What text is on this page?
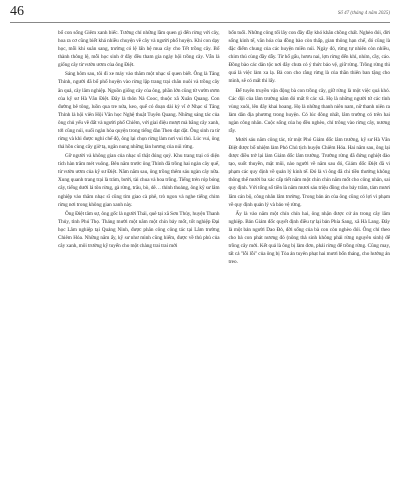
46	Số 47 (tháng 4 năm 2025)

bố con sống Giêm xanh biếc. Tưởng chỉ những lầm quen gì đến rừng với cây, hoa ra cơ cũng biết khá nhiều chuyện về cây và người phố huyện. Khi con dạy học, mỗi khi suân sang, trường có lệ lấn hệ mua cây cho Tết trồng cây. Bố thành thông lệ, mỗi học sinh ở đây đều tham gia ngày hội trồng cây. Vẫn là giống cây từ vườn ươm của ông Điệt.

Sáng hôm sau, tôi đi xe máy vào thăm một nhạc sĩ quen biết. Ông là Tăng Thỉnh, người đã bố phổ huyện vào rừng lập trang trại chăn nuôi và trồng cây ăn quả, cây lâm nghiệp. Nguồn giống cây của ông, phần lớn cũng từ vườn ươm của kỹ sư Hà Văn Điệt. Đây là thôn Nà Cooc, thuộc xã Xuân Quang. Con đường bê tông, luồn qua tre nứa, keo, quế có đoạn dài kỳ vĩ ở Nhạc sĩ Tăng Thỉnh là hội viên Hội Văn học Nghệ thuật Tuyên Quang. Những sáng tác của ông chủ yếu về đất và người phố Chiêm, với giai điệu mượt mà bằng cây xanh, tới cũng núi, suối ngàn hòa quyện trong tiếng đàn Then dạt dặt. Ông sinh ra từ rừng và khi được nghỉ chế độ, ông lại chọn rừng làm nơi vui thú. Lúc vui, ông thả hồn cùng cây giờ tạ, ngân nung những làn hương của núi rừng.

Gỡ người và không gian của nhạc sĩ thật đúng quý. Khu trang trại có diện tích hàn trăm mét vuông. Bên năm trước ông Thỉnh đã trồng hai ngàn cây quế, từ vườn ươm của kỹ sư Điệt. Năm năm sau, ông trồng thêm sáu ngàn cây nữa. Xung quanh trang trại là trám, bưởi, tài chua và hoa trồng. Tiếng trẻn róp bóng cây, tiếng dưới lá tôn rừng, gà rừng, trâu, bò, dê… thỉnh thoảng, ông kỹ sư lâm nghiệp vào thăm nhạc sĩ cũng tìm giao cà phê, trò ngon và nghe tiếng chim rừng nơi trong không gian xanh này.

Ông Điệt tâm sự, ông gốc là người Thái, quê tại xã Sơn Thủy, huyện Thanh Thủy, tỉnh Phú Thọ. Tháng mười một năm một chín bảy mốt, tốt nghiệp Đại học Lâm nghiệp tại Quảng Ninh, được phân công công tác tại Lâm trường Chiêm Hóa. Những năm ấy, kỹ sư như mình cũng hiếm, được về thủ phủ của cây xanh, môi trường kỹ tuyển cho một chàng trai trai mới

bốn tuổi. Những công tối lây con đầy đầy khó khăn chồng chất. Nghèo đói, đời sống kinh tế, văn hóa của đồng bào còn thấp, gian thông hạn chế, đó cũng là đặc điểm chung của các huyện miền núi. Ngày đó, rừng tự nhiên còn nhiều, chim thú cùng đầy dẫy. Từ hổ gấu, hươu nai, lợn rừng đến khỉ, nhím, cầy, cáo. Đồng bào các dân tộc nơi đây chưa có ý thức bảo vệ, giữ rừng. Trồng rừng thì quá là việc làm xa lạ. Bà con cho rằng rừng là của thần thiên ban tặng cho mình, sẽ có mất thì lấy.

Để tuyên truyền vận động bà con trồng cây, giữ rừng là một việc quá khó. Các đội của lâm trường năm đó mất 8 các xã. Họ là những người tứ các tỉnh vùng xuôi, lên đây khai hoang. Họ là những thanh niên nam, nữ thanh niên ra làm dân địa phương trong huyện. Có lúc đông nhất, lâm trường có trên hai ngàn công nhân. Cuộc sống của họ đều nghèo, chỉ trông vào rừng cây, nương rẫy.

Mười sáu năm công tác, từ một Phó Giám đốc lâm trường, kỹ sư Hà Văn Điệt được bổ nhiệm làm Phó Chủ tịch huyện Chiêm Hóa. Hai năm sau, ông lại được điều trở lại làm Giám đốc lâm trường. Trường rừng đã đứng nghiệt đào tạo, suốt thuyền, mặt mũi, nào người về năm sau đó, Giám đốc Điệt đã vi phạm các quy định về quản lý kinh tế. Đó là vì ông đã chi tiền thưởng không thông thể mười ba xác cấp tiết năm một chín chín năm mốt cho công nhân, sai quy định. Với tổng số tiền là năm mươi sáu triệu đồng cho bảy trăm, tám mươi lăm cán bộ, công nhân lâm trường. Trong bản án của ông cũng có lợi vì phạm về quy định quản lý và bảo vệ rừng.

Ấy là vào năm một chín chín hai, ông nhận được cứ án trong cây lâm nghiệp. Bản Giám đốc quyết định điều tự lại bản Phía Sang, xã Hà Lang. Đây là một bản người Dao Đỏ, đời sống của bà con còn nghèo đói. Ông chỉ theo cho bà con phát nương đó (nông thả sinh không phải rừng nguyên sinh) để trồng cây mới. Kết quả là ông bị làm đơn, phải rừng để trồng rừng. Cũng may, tất cả "lỗi lỗi" của ông bị Tòa án tuyên phạt hai mươi bốn tháng, cho hưởng án treo.
